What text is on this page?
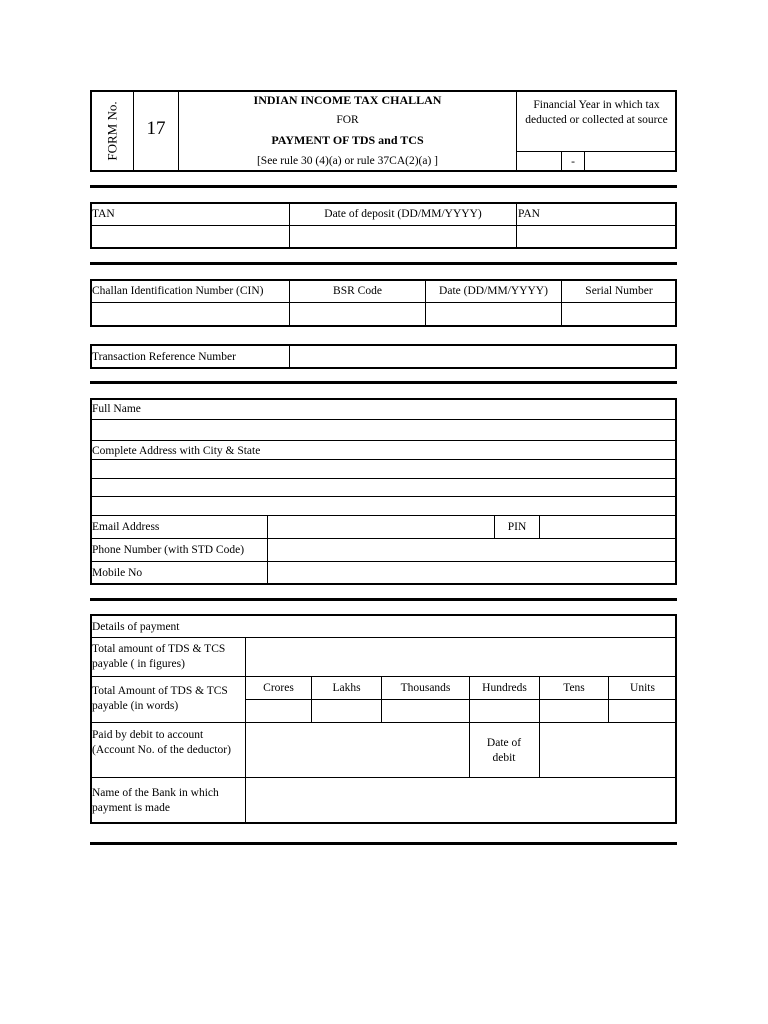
FORM No.	17
INDIAN INCOME TAX CHALLAN
FOR
PAYMENT OF TDS and TCS
[See rule 30 (4)(a) or rule 37CA(2)(a) ]
Financial Year in which tax deducted or collected at source
-
TAN	Date of deposit (DD/MM/YYYY)	PAN
Challan Identification Number (CIN)	BSR Code	Date (DD/MM/YYYY)	Serial Number
Transaction Reference Number
Full Name
Complete Address with City & State
Email Address	PIN
Phone Number (with STD Code)
Mobile No
Details of payment
Total amount of TDS & TCS payable ( in figures)
Total Amount of TDS & TCS payable (in words)
Crores	Lakhs	Thousands	Hundreds	Tens	Units
Paid by debit to account (Account No. of the deductor)
Date of debit
Name of the Bank in which payment is made
